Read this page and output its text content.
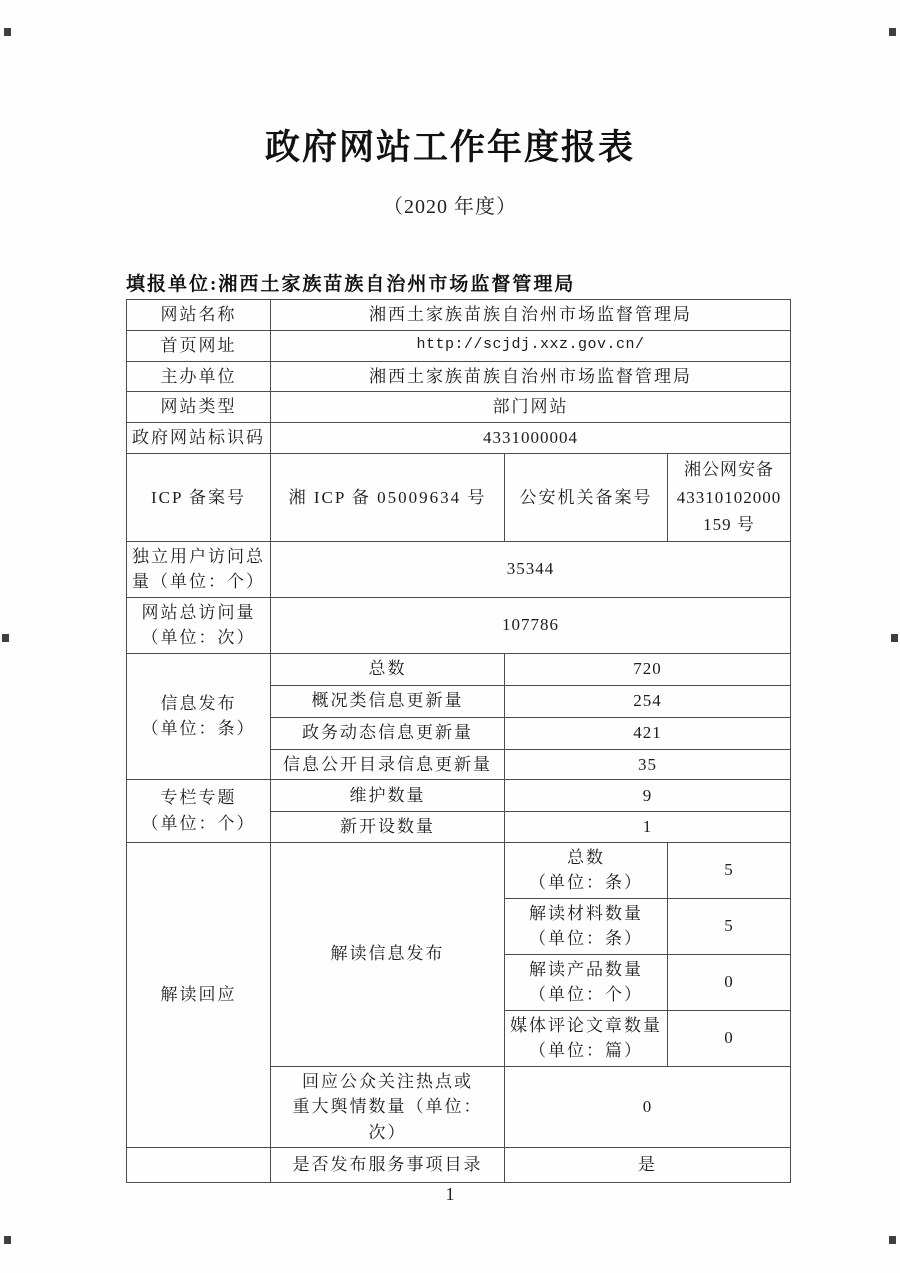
政府网站工作年度报表
（2020 年度）
填报单位:湘西土家族苗族自治州市场监督管理局
网站名称	湘西土家族苗族自治州市场监督管理局		
首页网址	http://scjdj.xxz.gov.cn/		
主办单位	湘西土家族苗族自治州市场监督管理局		
网站类型	部门网站		
政府网站标识码	4331000004		
ICP 备案号	湘 ICP 备 05009634 号	公安机关备案号	湘公网安备
43310102000
159 号

独立用户访问总
量（单位：个）	35344		

网站总访问量
（单位：次）	107786		

信息发布
（单位：条）	总数	720	
	概况类信息更新量	254	
	政务动态信息更新量	421	
	信息公开目录信息更新量	35	

专栏专题
（单位：个）	维护数量	9	
	新开设数量	1	
解读回应	解读信息发布	总数
（单位：条）	5

		解读材料数量
（单位：条）	5

		解读产品数量
（单位：个）	0

		媒体评论文章数量
（单位：篇）	0

	回应公众关注热点或
重大舆情数量（单位：
次）	0	
	是否发布服务事项目录	是	
1
